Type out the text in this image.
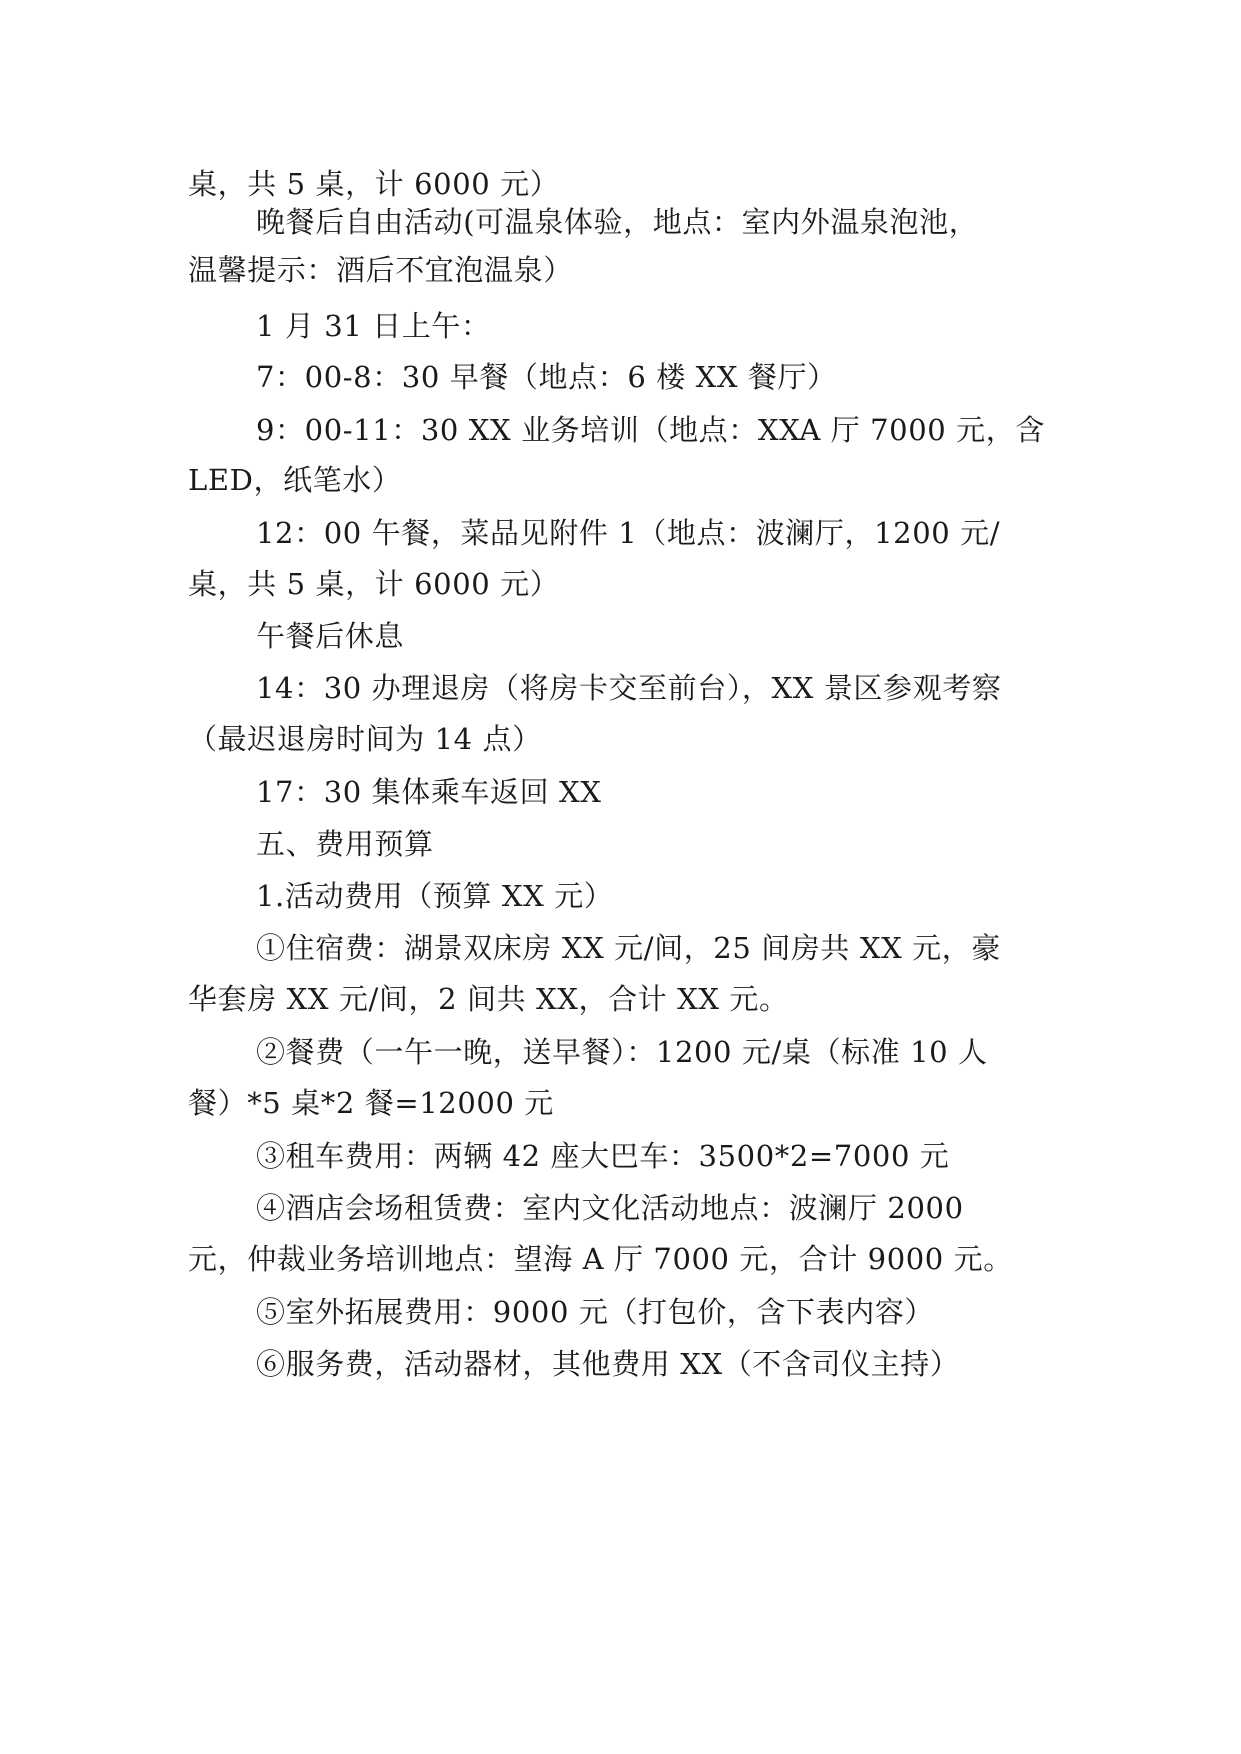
桌，共 5 桌，计 6000 元）
晚餐后自由活动(可温泉体验，地点：室内外温泉泡池，
温馨提示：酒后不宜泡温泉）
1 月 31 日上午：
7：00-8：30 早餐（地点：6 楼 XX 餐厅）
9：00-11：30 XX 业务培训（地点：XXA 厅 7000 元，含
LED，纸笔水）
12：00 午餐，菜品见附件 1（地点：波澜厅，1200 元/
桌，共 5 桌，计 6000 元）
午餐后休息
14：30 办理退房（将房卡交至前台），XX 景区参观考察
（最迟退房时间为 14 点）
17：30 集体乘车返回 XX
五、费用预算
1.活动费用（预算 XX 元）
①住宿费：湖景双床房 XX 元/间，25 间房共 XX 元，豪
华套房 XX 元/间，2 间共 XX，合计 XX 元。
②餐费（一午一晚，送早餐）：1200 元/桌（标准 10 人
餐）*5 桌*2 餐=12000 元
③租车费用：两辆 42 座大巴车：3500*2=7000 元
④酒店会场租赁费：室内文化活动地点：波澜厅 2000
元，仲裁业务培训地点：望海 A 厅 7000 元，合计 9000 元。
⑤室外拓展费用：9000 元（打包价，含下表内容）
⑥服务费，活动器材，其他费用 XX（不含司仪主持）
